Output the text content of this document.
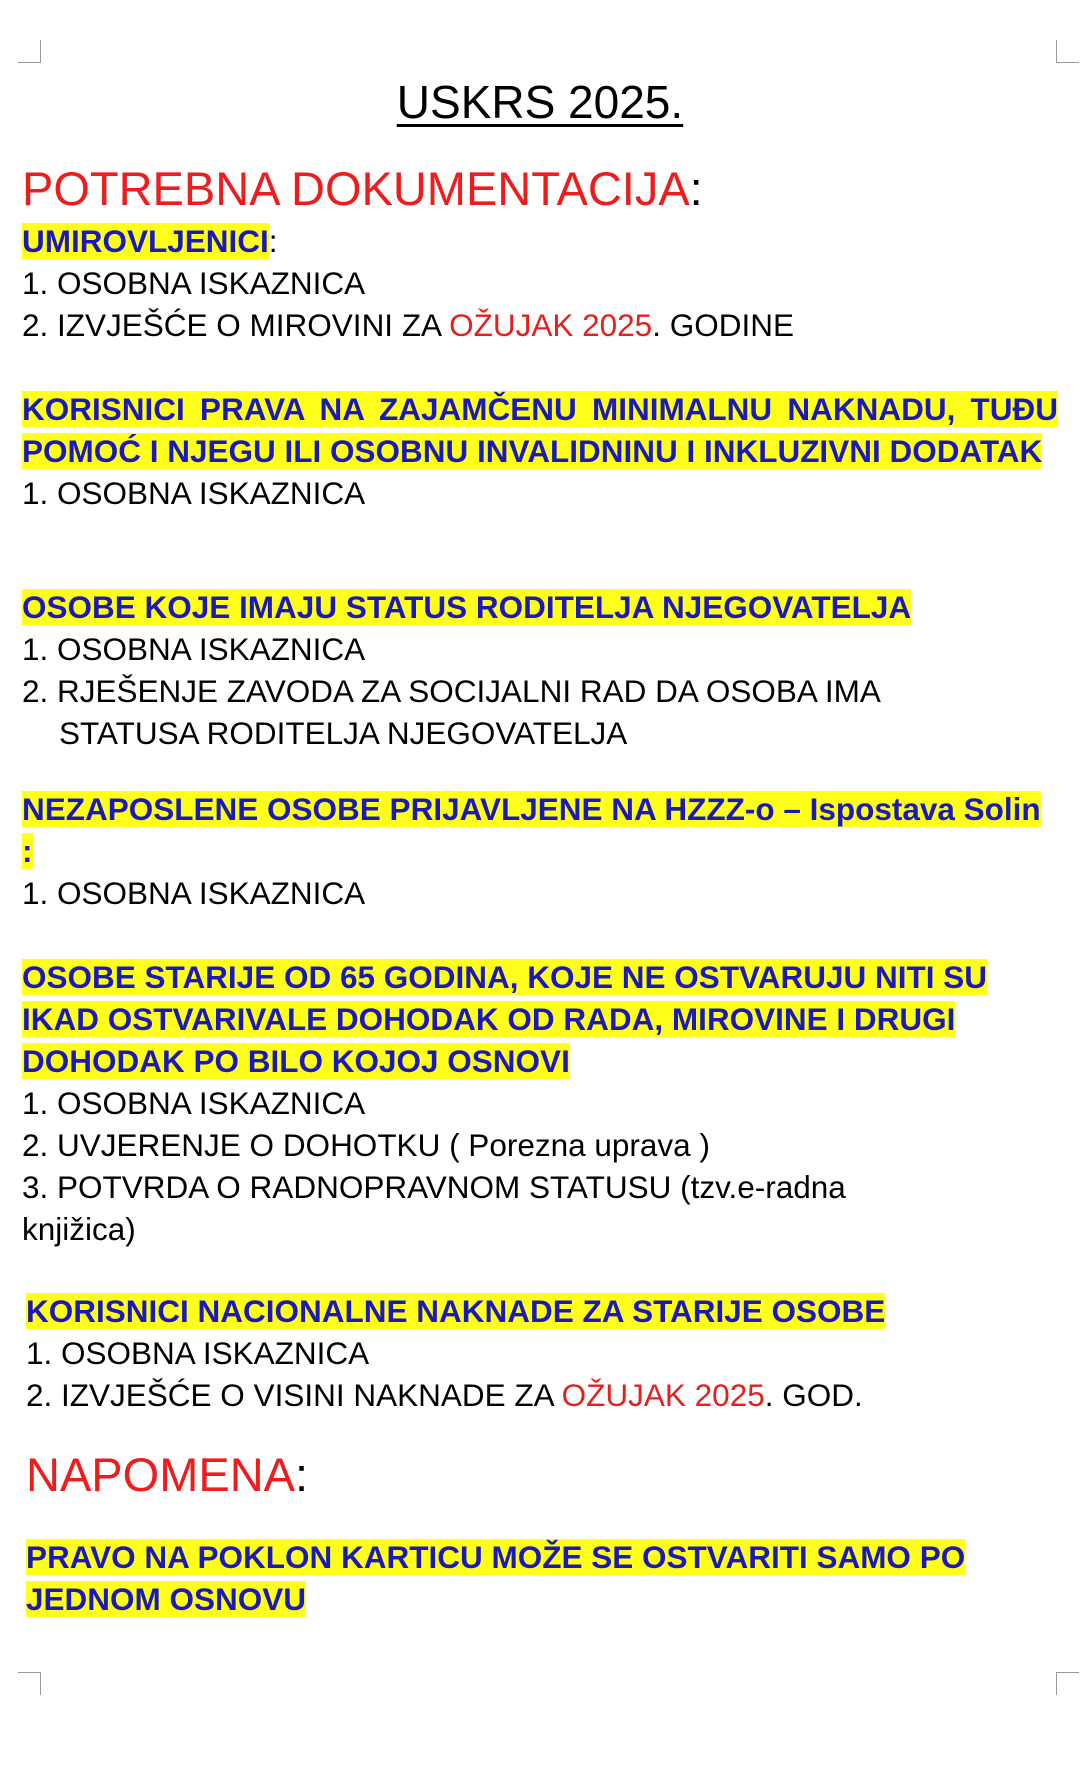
USKRS 2025.
POTREBNA DOKUMENTACIJA:
UMIROVLJENICI:
1. OSOBNA ISKAZNICA
2. IZVJEŠĆE O MIROVINI ZA OŽUJAK 2025. GODINE
KORISNICI PRAVA NA ZAJAMČENU MINIMALNU NAKNADU, TUĐU POMOĆ I NJEGU ILI OSOBNU INVALIDNINU I INKLUZIVNI DODATAK
1. OSOBNA ISKAZNICA
OSOBE KOJE IMAJU STATUS RODITELJA NJEGOVATELJA
1. OSOBNA ISKAZNICA
2. RJEŠENJE ZAVODA ZA SOCIJALNI RAD DA OSOBA IMA
STATUSA RODITELJA NJEGOVATELJA
NEZAPOSLENE OSOBE PRIJAVLJENE NA HZZZ-o – Ispostava Solin :
1. OSOBNA ISKAZNICA
OSOBE STARIJE OD 65 GODINA, KOJE NE OSTVARUJU NITI SU IKAD OSTVARIVALE DOHODAK OD RADA, MIROVINE I DRUGI DOHODAK PO BILO KOJOJ OSNOVI
1. OSOBNA ISKAZNICA
2. UVJERENJE O DOHOTKU ( Porezna uprava )
3. POTVRDA O RADNOPRAVNOM STATUSU (tzv.e-radna knjižica)
KORISNICI NACIONALNE NAKNADE ZA STARIJE OSOBE
1. OSOBNA ISKAZNICA
2. IZVJEŠĆE O VISINI NAKNADE ZA OŽUJAK 2025. GOD.
NAPOMENA:
PRAVO NA POKLON KARTICU MOŽE SE OSTVARITI SAMO PO JEDNOM OSNOVU
